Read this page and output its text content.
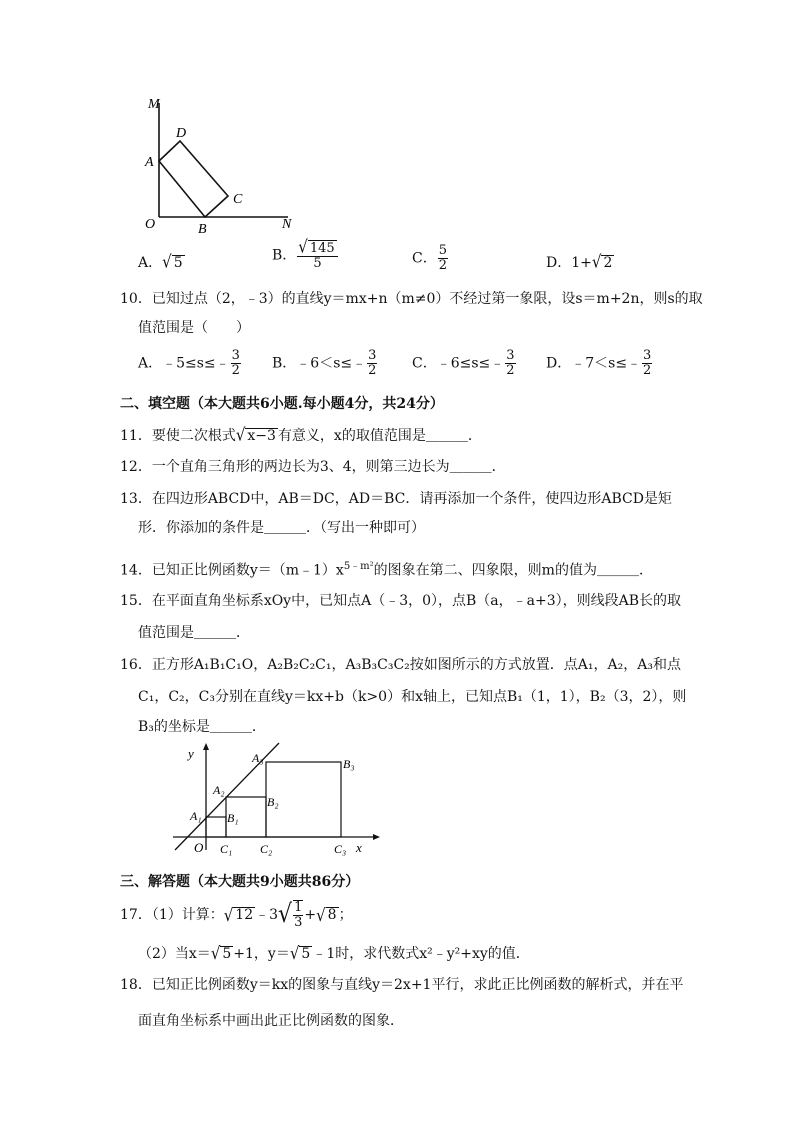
M
D
A
C
O	B	N
A．√ 5	B． $\frac{√ 145}{5}$	C． $\frac{5}{2}$	D．1+√ 2
10．已知过点（2，﹣3）的直线y＝mx+n（m≠0）不经过第一象限，设s＝m+2n，则s的取
值范围是（　　）
A．﹣5≤s≤﹣ $\frac{3}{2}$ B．﹣6＜s≤﹣ $\frac{3}{2}$ C．﹣6≤s≤﹣ $\frac{3}{2}$ D．﹣7＜s≤﹣ $\frac{3}{2}$
二、填空题（本大题共6小题.每小题4分，共24分）
11．要使二次根式√ x−3 有意义，x的取值范围是＿＿＿．
12．一个直角三角形的两边长为3、4，则第三边长为＿＿＿．
13．在四边形ABCD中，AB＝DC，AD＝BC．请再添加一个条件，使四边形ABCD是矩
形．你添加的条件是＿＿＿．（写出一种即可）
14．已知正比例函数$y=(m﹣1)x^{5﹣m^2}$的图象在第二、四象限，则m的值为＿＿＿．
15．在平面直角坐标系xOy中，已知点A（﹣3，0），点B（a，﹣a+3），则线段AB长的取
值范围是＿＿＿．
16．正方形A₁B₁C₁O，A₂B₂C₂C₁，A₃B₃C₃C₂按如图所示的方式放置．点A₁，A₂，A₃和点
C₁，C₂，C₃分别在直线y＝kx+b（k>0）和x轴上，已知点B₁（1，1），B₂（3，2），则
B₃的坐标是＿＿＿．
y
x
O
A₁
A₂
A₃
B₁
B₂
B₃
C₁ C₂	C₃
三、解答题（本大题共9小题共86分）
17．（1）计算：√ 12 ﹣3√ $\frac{1}{3}$ +√ 8 ；
（2）当x＝√ 5 +1，y＝√ 5 ﹣1时，求代数式x²﹣y²+xy的值．
18．已知正比例函数y＝kx的图象与直线y＝2x+1平行，求此正比例函数的解析式，并在平
面直角坐标系中画出此正比例函数的图象．
